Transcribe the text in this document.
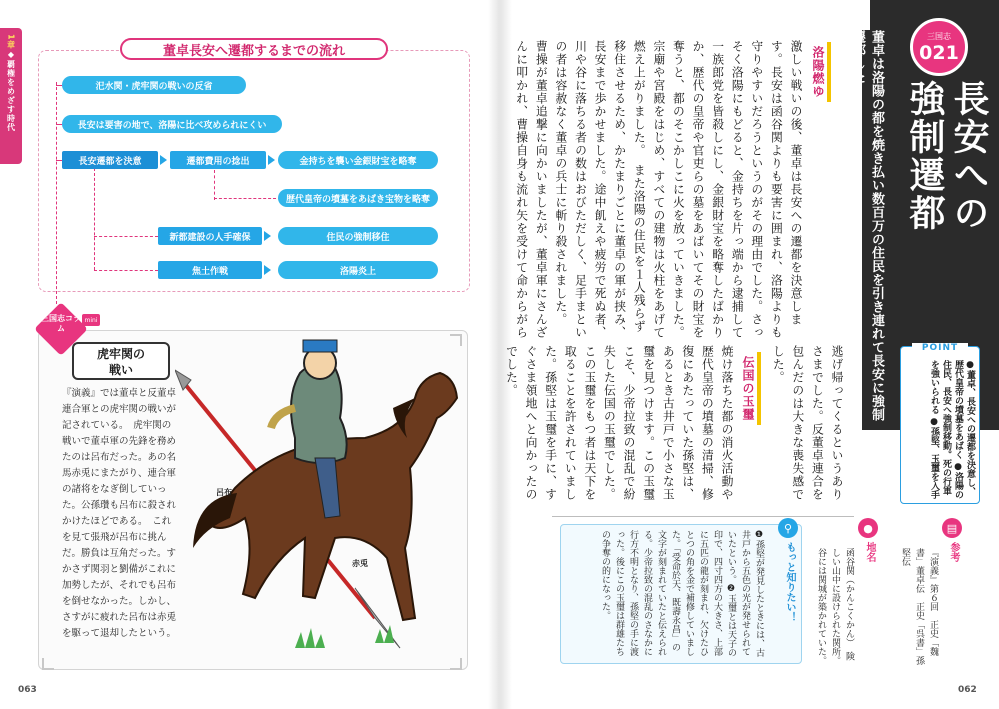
1章
◆覇権をめざす時代	董卓長安へ遷都するまでの流れ
汜水関・虎牢関の戦いの反省
長安は要害の地で、洛陽に比べ攻められにくい
長安遷都を決意	遷都費用の捻出	金持ちを襲い金銀財宝を略奪
歴代皇帝の墳墓をあばき宝物を略奪
新都建設の人手確保	住民の強制移住
焦土作戦	洛陽炎上
三国志コラム
mini
虎牢関の
戦い
『演義』では董卓と反董卓連合軍との虎牢関の戦いが記されている。　虎牢関の戦いで董卓軍の先鋒を務めたのは呂布だった。あの名馬赤兎にまたがり、連合軍の諸将をなぎ倒していった。公孫瓚も呂布に殺されかけたほどである。　これを見て張飛が呂布に挑んだ。勝負は互角だった。すかさず関羽と劉備がこれに加勢したが、それでも呂布を倒せなかった。しかし、さすがに疲れた呂布は赤兎を駆って退却したという。
呂布
赤兎
063
董卓は洛陽の都を焼き払い数百万の住民を引き連れて長安に強制遷都した	三国志
021
長安への強制遷都
POINT
●董卓、長安への遷都を決意し、歴代皇帝の墳墓をあばく ●洛陽の住民、長安へ強制移動。死の行軍を強いられる ●孫堅、玉璽を入手
洛陽燃ゆ
激しい戦いの後、董卓は長安への遷都を決意します。長安は函谷関よりも要害に囲まれ、洛陽よりも守りやすいだろうというのがその理由でした。さっそく洛陽にもどると、金持ちを片っ端から逮捕して一族郎党を皆殺しにし、金銀財宝を略奪したばかりか、歴代の皇帝や官吏らの墓をあばいてその財宝を奪うと、都のそこかしこに火を放っていきました。宗廟や宮殿をはじめ、すべての建物は火柱をあげて燃え上がりました。　また洛陽の住民を１人残らず移住させるため、かたまりごとに董卓の軍が挟み、長安まで歩かせました。途中飢えや疲労で死ぬ者、川や谷に落ちる者の数はおびただしく、足手まといの者は容赦なく董卓の兵士に斬り殺されました。　曹操が董卓追撃に向かいましたが、董卓軍にさんざんに叩かれ、曹操自身も流れ矢を受けて命からがら
逃げ帰ってくるというありさまでした。反董卓連合を包んだのは大きな喪失感でした。
伝国の玉璽
焼け落ちた都の消火活動や歴代皇帝の墳墓の清掃、修復にあたっていた孫堅は、あるとき古井戸で小さな玉璽を見つけます。この玉璽こそ、少帝拉致の混乱で紛失した伝国の玉璽でした。この玉璽をもつ者は天下を取ることを許されていました。孫堅は玉璽を手に、すぐさま領地へと向かったのでした。
▤
参考
『演義』第６回　正史「魏書」董卓伝　正史「呉書」孫堅伝
●
地名
函谷関（かんこくかん）　険しい山中に設けられた関所。谷には関城が築かれていた。
⚲
もっと知りたい！
❶孫堅が発見したときには、古井戸から五色の光が発せられていたという。❷玉璽とは天子の印で、四寸四方の大きさ、上部に五匹の龍が刻まれ、欠けたひとつの角を金で補修していました。「受命於天、既壽永昌」の文字が刻まれていたと伝えられる。少帝拉致の混乱のさなかに行方不明となり、孫堅の手に渡った。後にこの玉璽は群雄たちの争奪の的になった。
062
